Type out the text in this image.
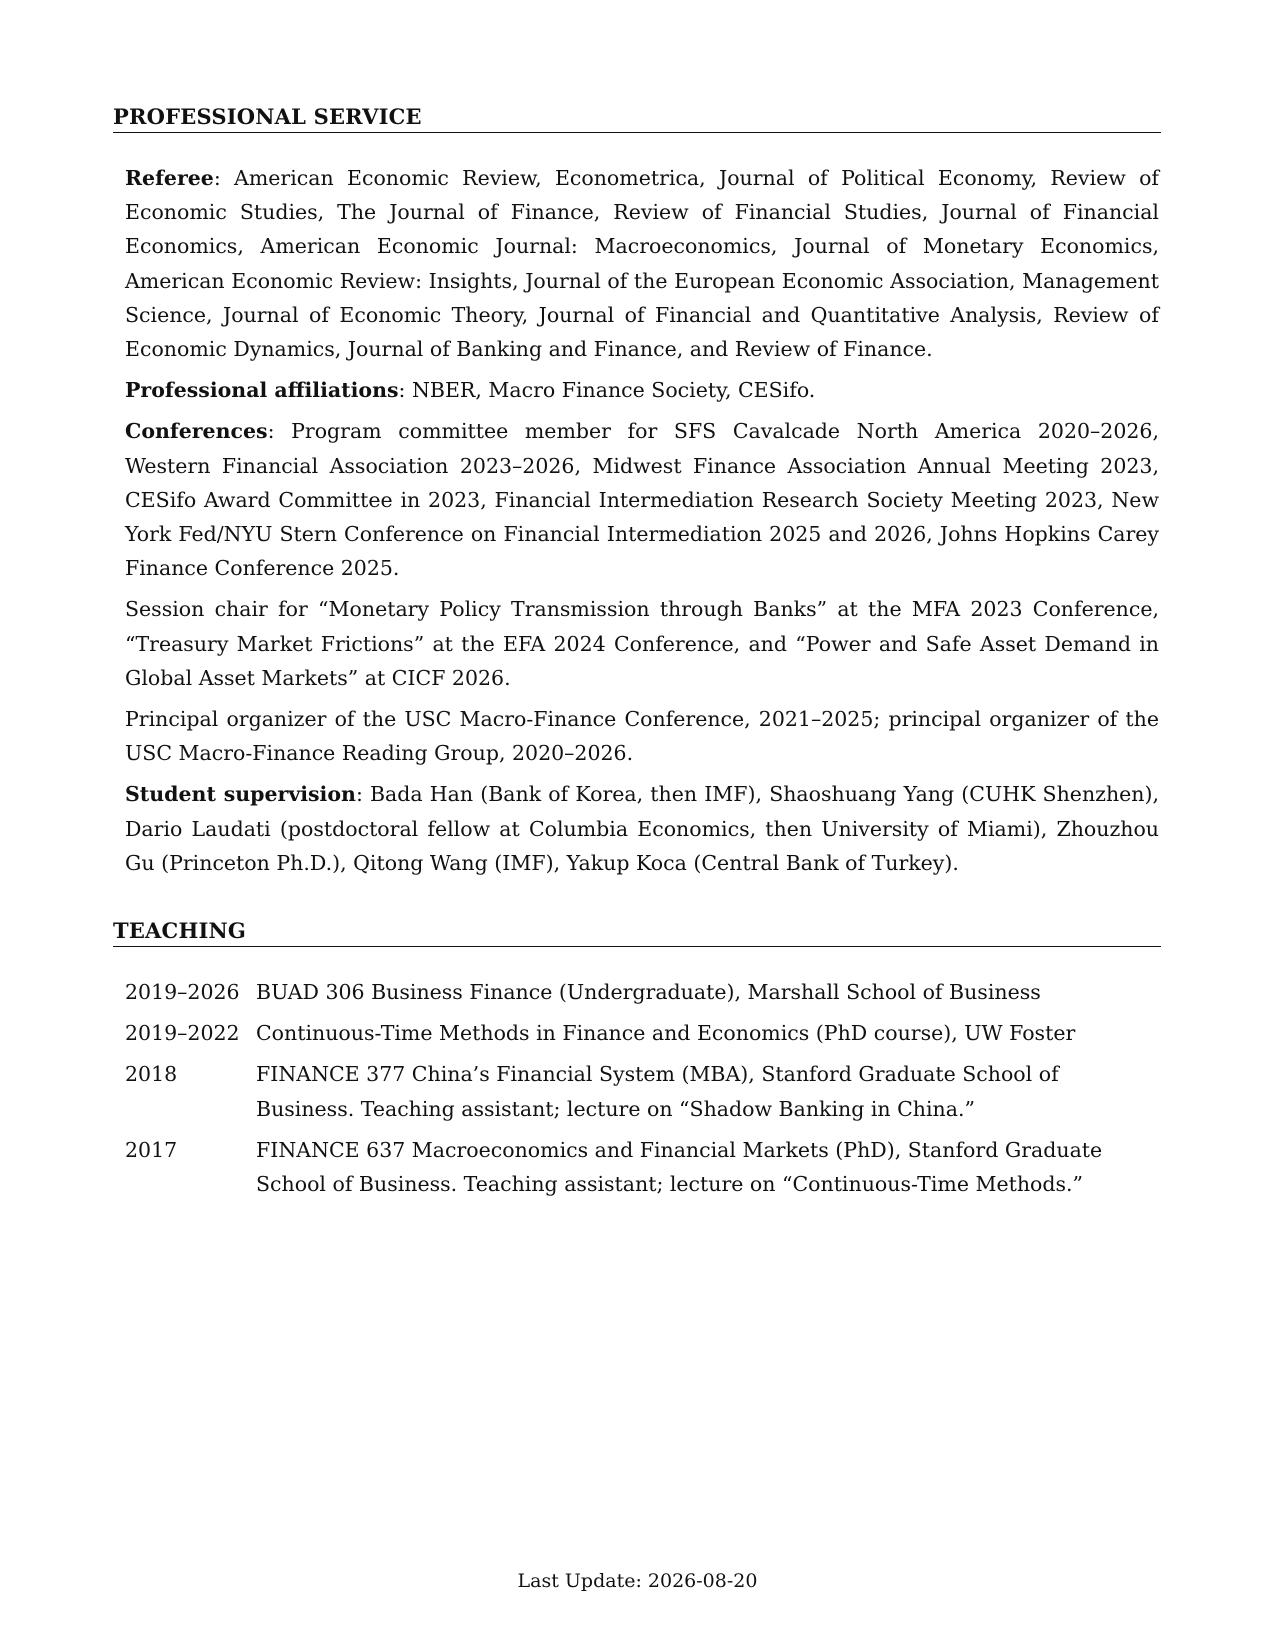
PROFESSIONAL SERVICE

Referee: American Economic Review, Econometrica, Journal of Political Economy, Review of Economic Studies, The Journal of Finance, Review of Financial Studies, Journal of Financial Economics, American Economic Journal: Macroeconomics, Journal of Monetary Economics, American Economic Review: Insights, Journal of the European Economic Association, Management Science, Journal of Economic Theory, Journal of Financial and Quantitative Analysis, Review of Economic Dynamics, Journal of Banking and Finance, and Review of Finance.

Professional affiliations: NBER, Macro Finance Society, CESifo.

Conferences: Program committee member for SFS Cavalcade North America 2020–2026, Western Financial Association 2023–2026, Midwest Finance Association Annual Meeting 2023, CESifo Award Committee in 2023, Financial Intermediation Research Society Meeting 2023, New York Fed/NYU Stern Conference on Financial Intermediation 2025 and 2026, Johns Hopkins Carey Finance Conference 2025.

Session chair for “Monetary Policy Transmission through Banks” at the MFA 2023 Conference, “Treasury Market Frictions” at the EFA 2024 Conference, and “Power and Safe Asset Demand in Global Asset Markets” at CICF 2026.

Principal organizer of the USC Macro-Finance Conference, 2021–2025; principal organizer of the USC Macro-Finance Reading Group, 2020–2026.

Student supervision: Bada Han (Bank of Korea, then IMF), Shaoshuang Yang (CUHK Shenzhen), Dario Laudati (postdoctoral fellow at Columbia Economics, then University of Miami), Zhouzhou Gu (Princeton Ph.D.), Qitong Wang (IMF), Yakup Koca (Central Bank of Turkey).

TEACHING
2019–2026 BUAD 306 Business Finance (Undergraduate), Marshall School of Business
2019–2022 Continuous-Time Methods in Finance and Economics (PhD course), UW Foster
2018	FINANCE 377 China’s Financial System (MBA), Stanford Graduate School of Business. Teaching assistant; lecture on “Shadow Banking in China.”
2017	FINANCE 637 Macroeconomics and Financial Markets (PhD), Stanford Graduate School of Business. Teaching assistant; lecture on “Continuous-Time Methods.”
Last Update: 2026-08-20
